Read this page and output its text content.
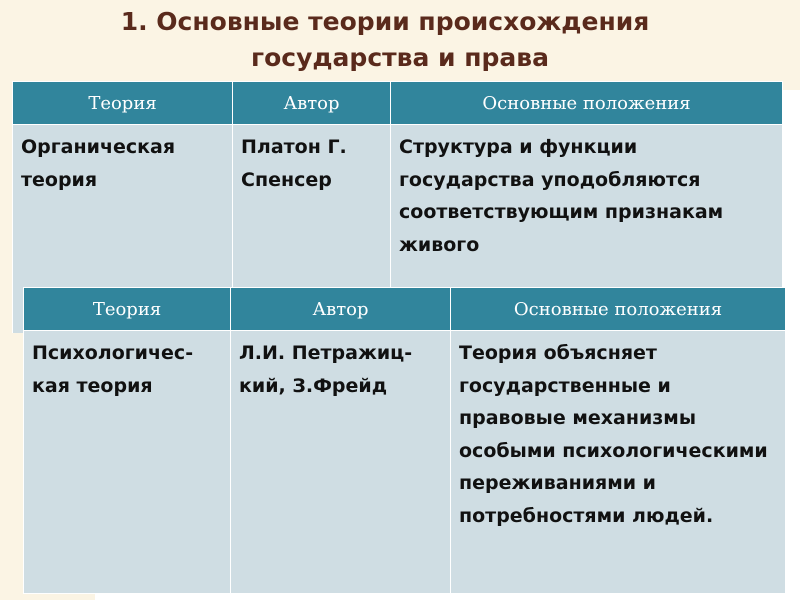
1. Основные теории происхождения
государства и права
Теория	Автор	Основные положения
Органическая теория	Платон Г. Спенсер	Структура и функции государства уподобляются соответствующим признакам живого
Теория	Автор	Основные положения
Психологичес-кая теория	Л.И. Петражиц-кий, З.Фрейд	Теория объясняет государственные и правовые механизмы особыми психологическими переживаниями и потребностями людей.
